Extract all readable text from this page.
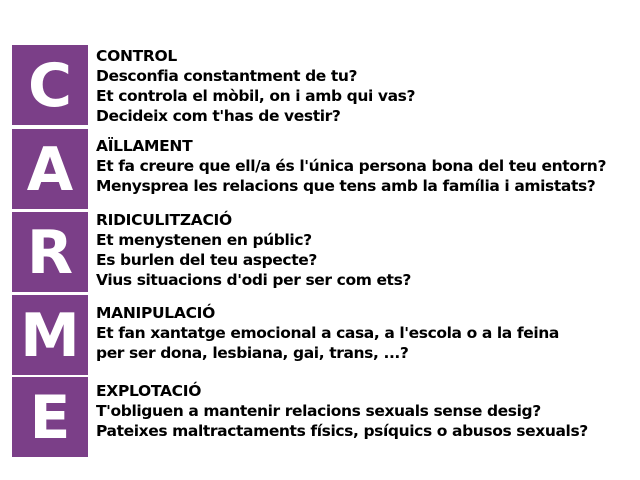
C	CONTROL
Desconfia constantment de tu?
Et controla el mòbil, on i amb qui vas?
Decideix com t'has de vestir?
A	AÏLLAMENT
Et fa creure que ell/a és l'única persona bona del teu entorn?
Menysprea les relacions que tens amb la família i amistats?
R	RIDICULITZACIÓ
Et menystenen en públic?
Es burlen del teu aspecte?
Vius situacions d'odi per ser com ets?
M	MANIPULACIÓ
Et fan xantatge emocional a casa, a l'escola o a la feina
per ser dona, lesbiana, gai, trans, ...?
E	EXPLOTACIÓ
T'obliguen a mantenir relacions sexuals sense desig?
Pateixes maltractaments físics, psíquics o abusos sexuals?
